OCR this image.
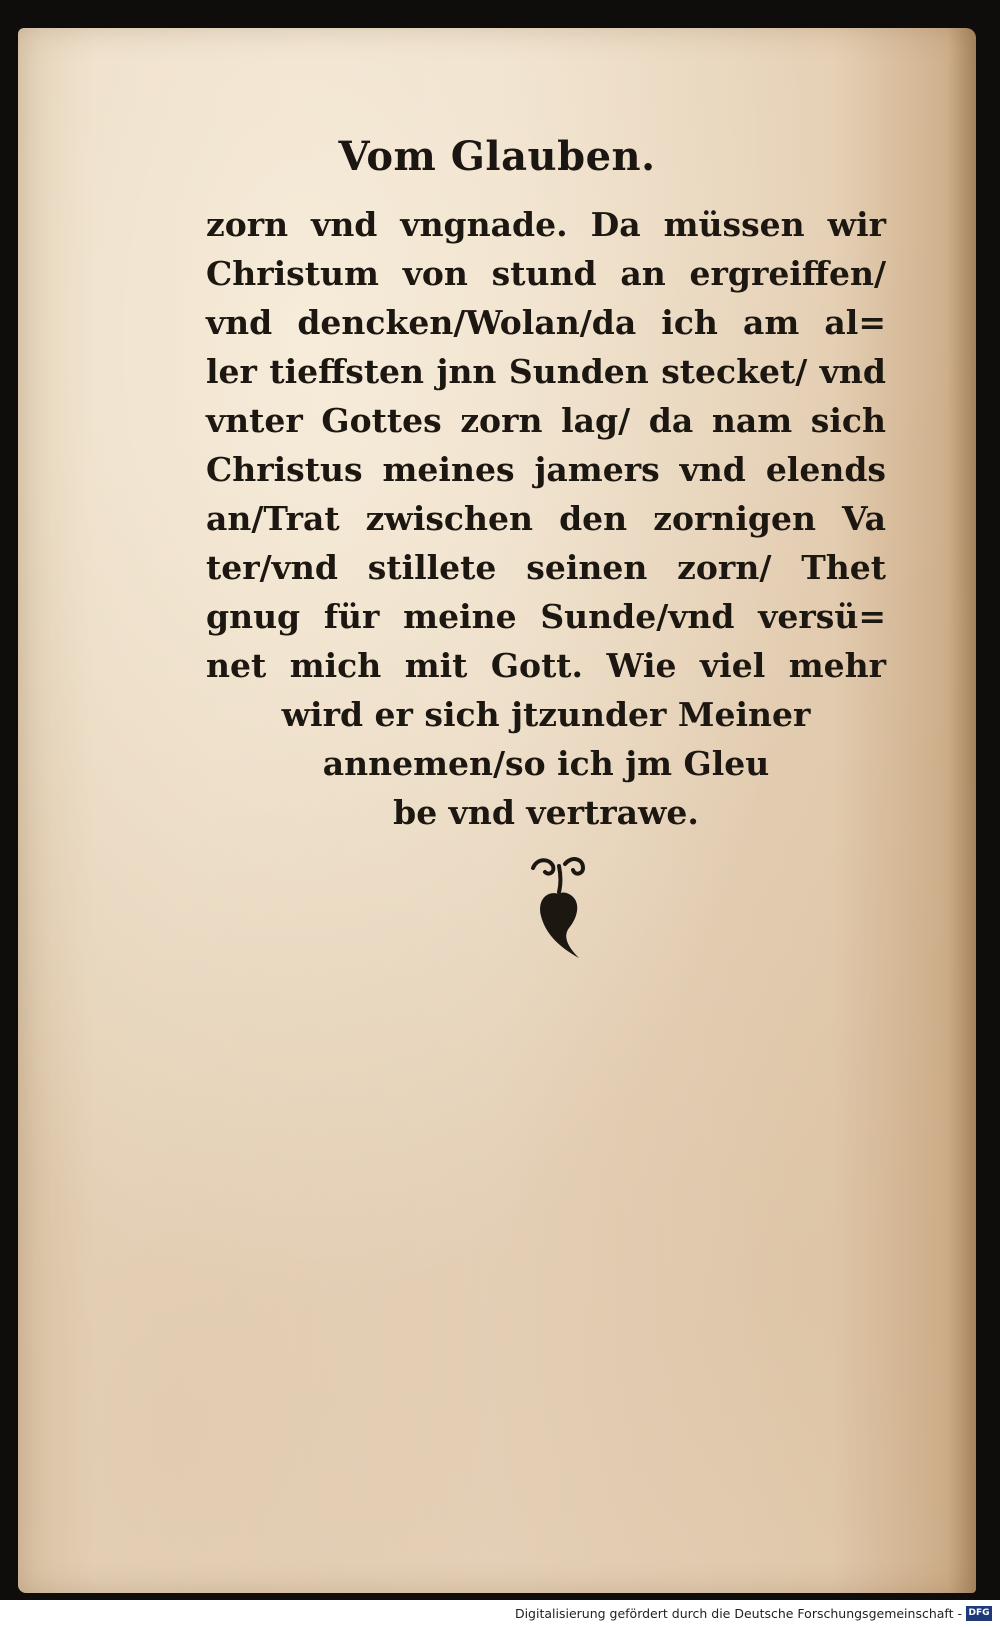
Vom Glauben.
zorn vnd vngnade. Da müssen wir
Christum von stund an ergreiffen/
vnd dencken/Wolan/da ich am al=
ler tieffsten jnn Sunden stecket/ vnd
vnter Gottes zorn lag/ da nam sich
Christus meines jamers vnd elends
an/Trat zwischen den zornigen Va
ter/vnd stillete seinen zorn/ Thet
gnug für meine Sunde/vnd versü=
net mich mit Gott. Wie viel mehr
wird er sich jtzunder Meiner
annemen/so ich jm Gleu
be vnd vertrawe.
Digitalisierung gefördert durch die Deutsche Forschungsgemeinschaft - DFG
